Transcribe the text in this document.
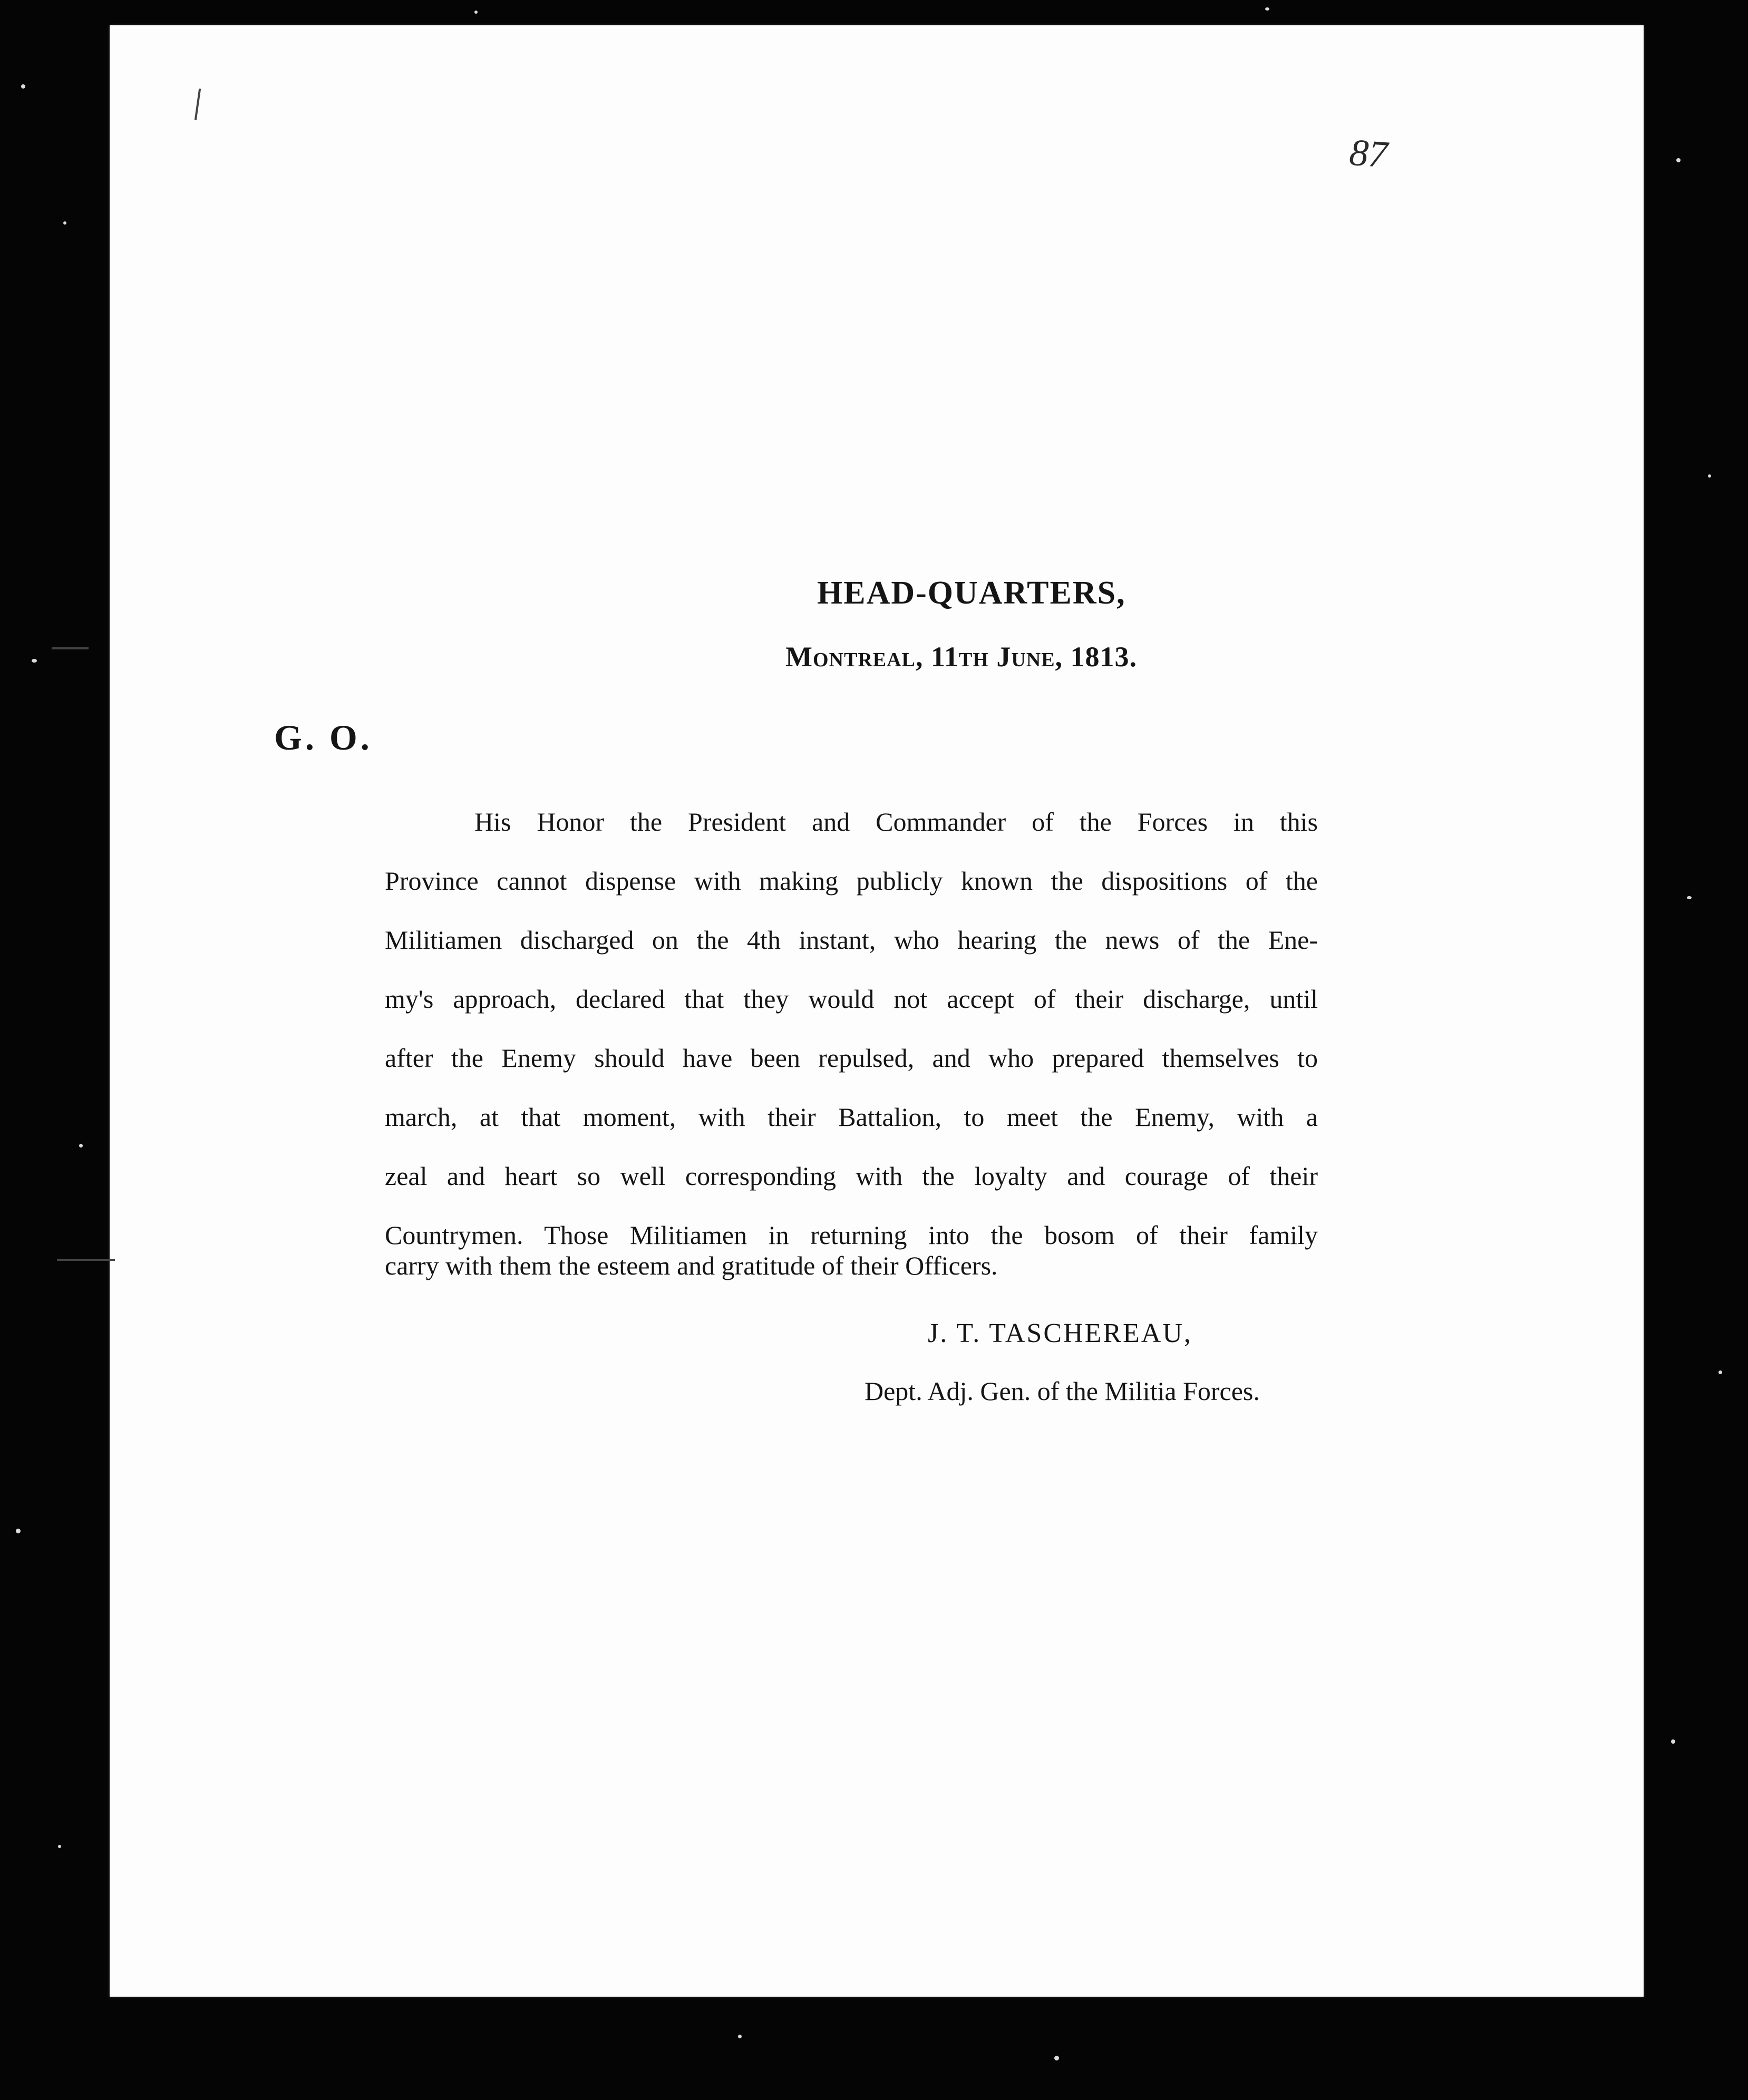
87
HEAD-QUARTERS,
Montreal, 11th June, 1813.
G. O.
His Honor the President and Commander of the Forces in this
Province cannot dispense with making publicly known the dispositions of the
Militiamen discharged on the 4th instant, who hearing the news of the Ene-
my's approach, declared that they would not accept of their discharge, until
after the Enemy should have been repulsed, and who prepared themselves to
march, at that moment, with their Battalion, to meet the Enemy, with a
zeal and heart so well corresponding with the loyalty and courage of their
Countrymen. Those Militiamen in returning into the bosom of their family
carry with them the esteem and gratitude of their Officers.
J. T. TASCHEREAU,
Dept. Adj. Gen. of the Militia Forces.
